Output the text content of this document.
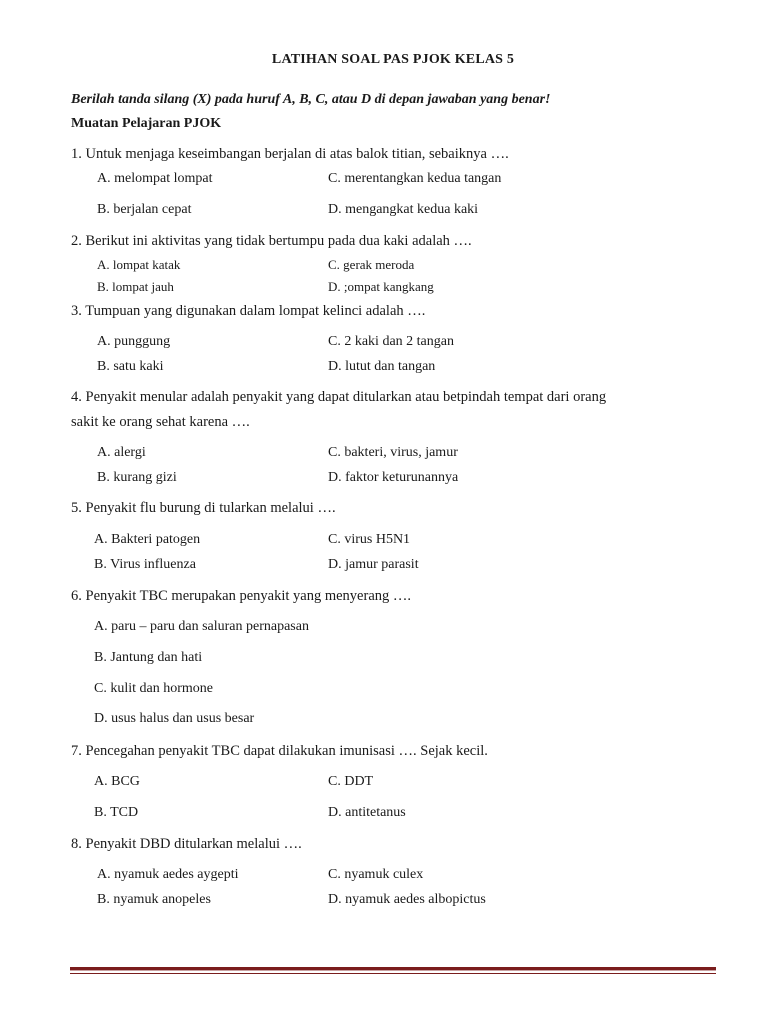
LATIHAN SOAL PAS PJOK KELAS 5
Berilah tanda silang (X) pada huruf A, B, C, atau D di depan jawaban yang benar!
Muatan Pelajaran PJOK
1. Untuk menjaga keseimbangan berjalan di atas balok titian, sebaiknya ….
A. melompat lompat
B. berjalan cepat
C. merentangkan kedua tangan
D. mengangkat kedua kaki
2. Berikut ini aktivitas yang tidak bertumpu pada dua kaki adalah ….
A. lompat katak
B. lompat jauh
C. gerak meroda
D. ;ompat kangkang
3. Tumpuan yang digunakan dalam lompat kelinci adalah ….
A. punggung
B. satu kaki
C. 2 kaki dan 2 tangan
D. lutut dan tangan
4. Penyakit menular adalah penyakit yang dapat ditularkan atau betpindah tempat dari orang
sakit ke orang sehat karena ….
A. alergi
B. kurang gizi
C. bakteri, virus, jamur
D. faktor keturunannya
5. Penyakit flu burung di tularkan melalui ….
A. Bakteri patogen
B. Virus influenza
C. virus H5N1
D. jamur parasit
6. Penyakit TBC merupakan penyakit yang menyerang ….
A. paru – paru dan saluran pernapasan
B. Jantung dan hati
C. kulit dan hormone
D. usus halus dan usus besar
7. Pencegahan penyakit TBC dapat dilakukan imunisasi …. Sejak kecil.
A. BCG
B. TCD
C. DDT
D. antitetanus
8. Penyakit DBD ditularkan melalui ….
A. nyamuk aedes aygepti
B. nyamuk anopeles
C. nyamuk culex
D. nyamuk aedes albopictus
